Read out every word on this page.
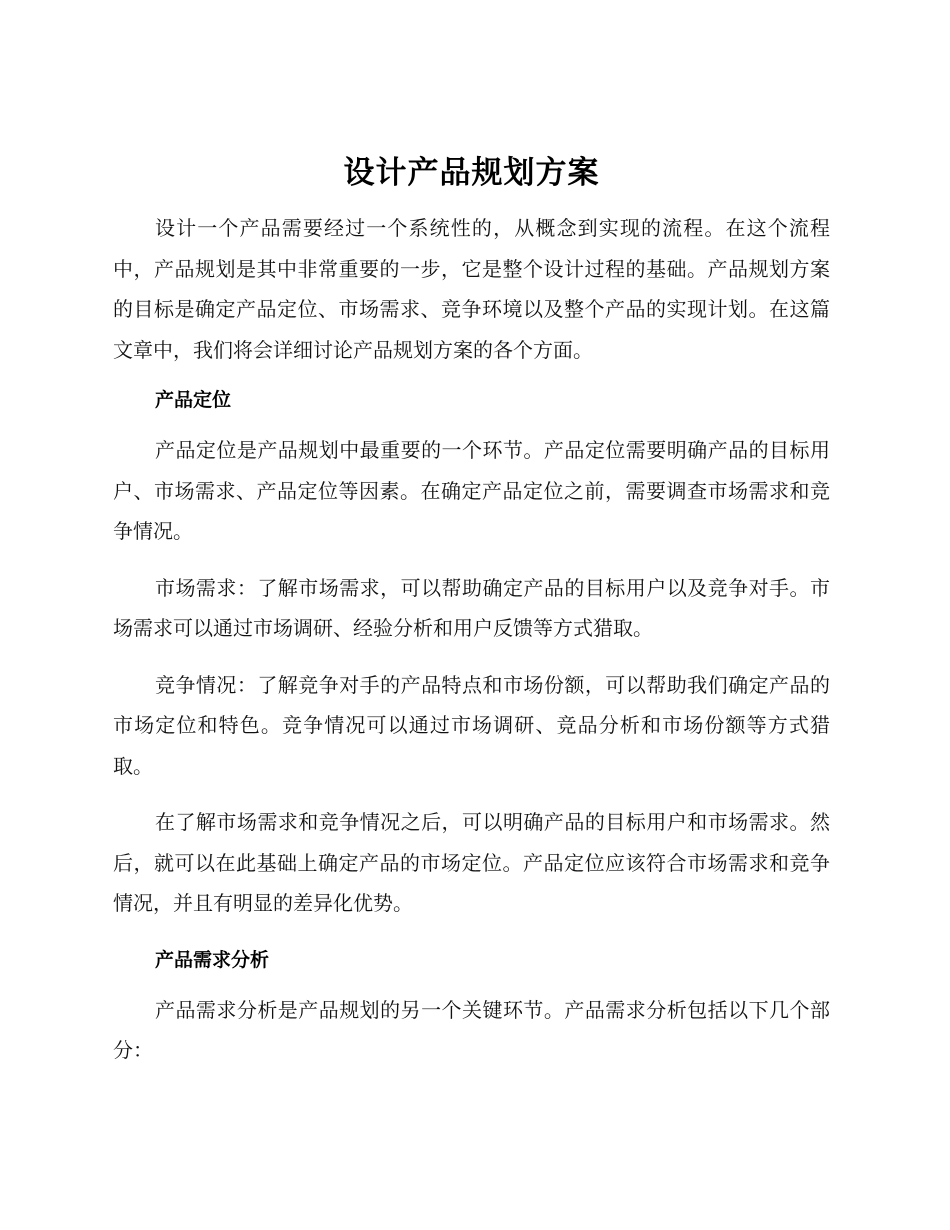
设计产品规划方案

设计一个产品需要经过一个系统性的，从概念到实现的流程。在这个流程中，产品规划是其中非常重要的一步，它是整个设计过程的基础。产品规划方案的目标是确定产品定位、市场需求、竞争环境以及整个产品的实现计划。在这篇文章中，我们将会详细讨论产品规划方案的各个方面。

产品定位

产品定位是产品规划中最重要的一个环节。产品定位需要明确产品的目标用户、市场需求、产品定位等因素。在确定产品定位之前，需要调查市场需求和竞争情况。

市场需求：了解市场需求，可以帮助确定产品的目标用户以及竞争对手。市场需求可以通过市场调研、经验分析和用户反馈等方式猎取。

竞争情况：了解竞争对手的产品特点和市场份额，可以帮助我们确定产品的市场定位和特色。竞争情况可以通过市场调研、竞品分析和市场份额等方式猎取。

在了解市场需求和竞争情况之后，可以明确产品的目标用户和市场需求。然后，就可以在此基础上确定产品的市场定位。产品定位应该符合市场需求和竞争情况，并且有明显的差异化优势。

产品需求分析

产品需求分析是产品规划的另一个关键环节。产品需求分析包括以下几个部分：
